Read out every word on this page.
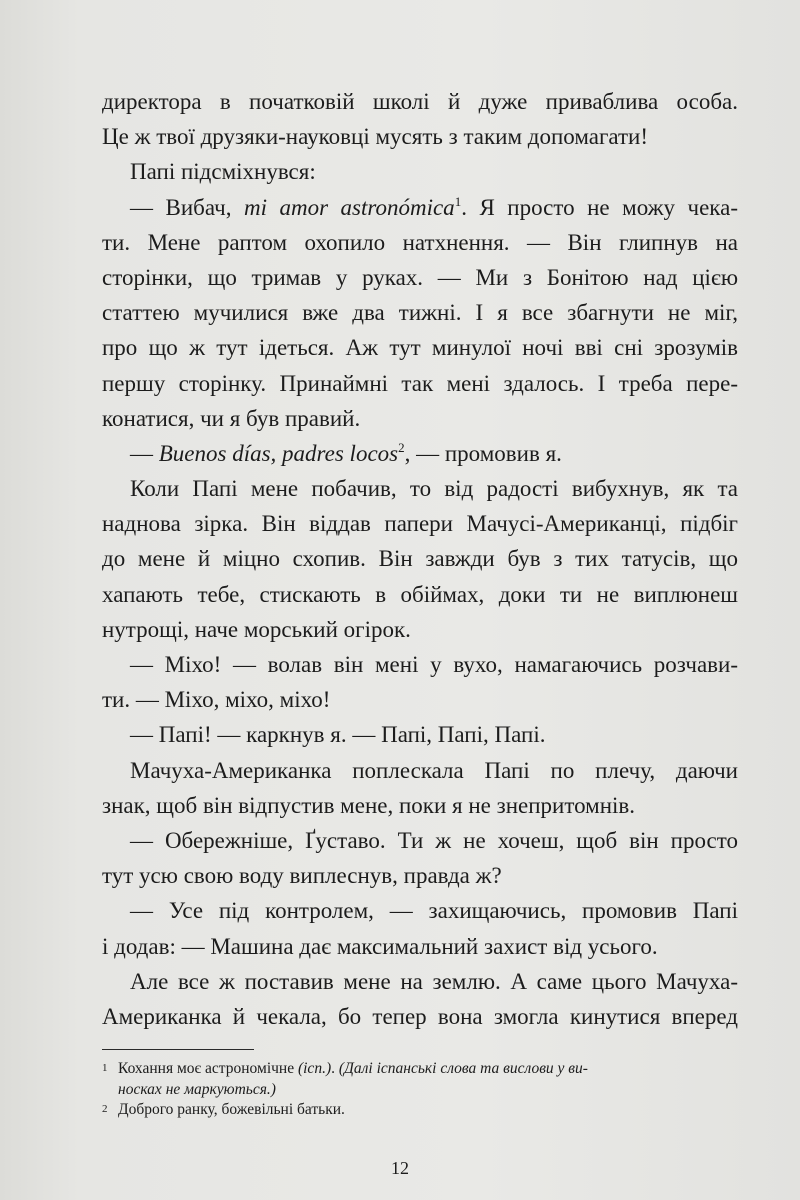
директора в початковій школі й дуже приваблива особа.
Це ж твої друзяки-науковці мусять з таким допомагати!
Папі підсміхнувся:
— Вибач, mi amor astronómica$^1$. Я просто не можу чека-
ти. Мене раптом охопило натхнення. — Він глипнув на
сторінки, що тримав у руках. — Ми з Бонітою над цією
статтею мучилися вже два тижні. І я все збагнути не міг,
про що ж тут ідеться. Аж тут минулої ночі вві сні зрозумів
першу сторінку. Принаймні так мені здалось. І треба пере-
конатися, чи я був правий.
— Buenos días, padres locos$^2$, — промовив я.
Коли Папі мене побачив, то від радості вибухнув, як та
наднова зірка. Він віддав папери Мачусі-Американці, підбіг
до мене й міцно схопив. Він завжди був з тих татусів, що
хапають тебе, стискають в обіймах, доки ти не виплюнеш
нутрощі, наче морський огірок.
— Міхо! — волав він мені у вухо, намагаючись розчави-
ти. — Міхо, міхо, міхо!
— Папі! — каркнув я. — Папі, Папі, Папі.
Мачуха-Американка поплескала Папі по плечу, даючи
знак, щоб він відпустив мене, поки я не знепритомнів.
— Обережніше, Ґуставо. Ти ж не хочеш, щоб він просто
тут усю свою воду виплеснув, правда ж?
— Усе під контролем, — захищаючись, промовив Папі
і додав: — Машина дає максимальний захист від усього.
Але все ж поставив мене на землю. А саме цього Мачуха-
Американка й чекала, бо тепер вона змогла кинутися вперед
1 Кохання моє астрономічне (ісп.). (Далі іспанські слова та вислови у ви-
носках не маркуються.)
2 Доброго ранку, божевільні батьки.
12
